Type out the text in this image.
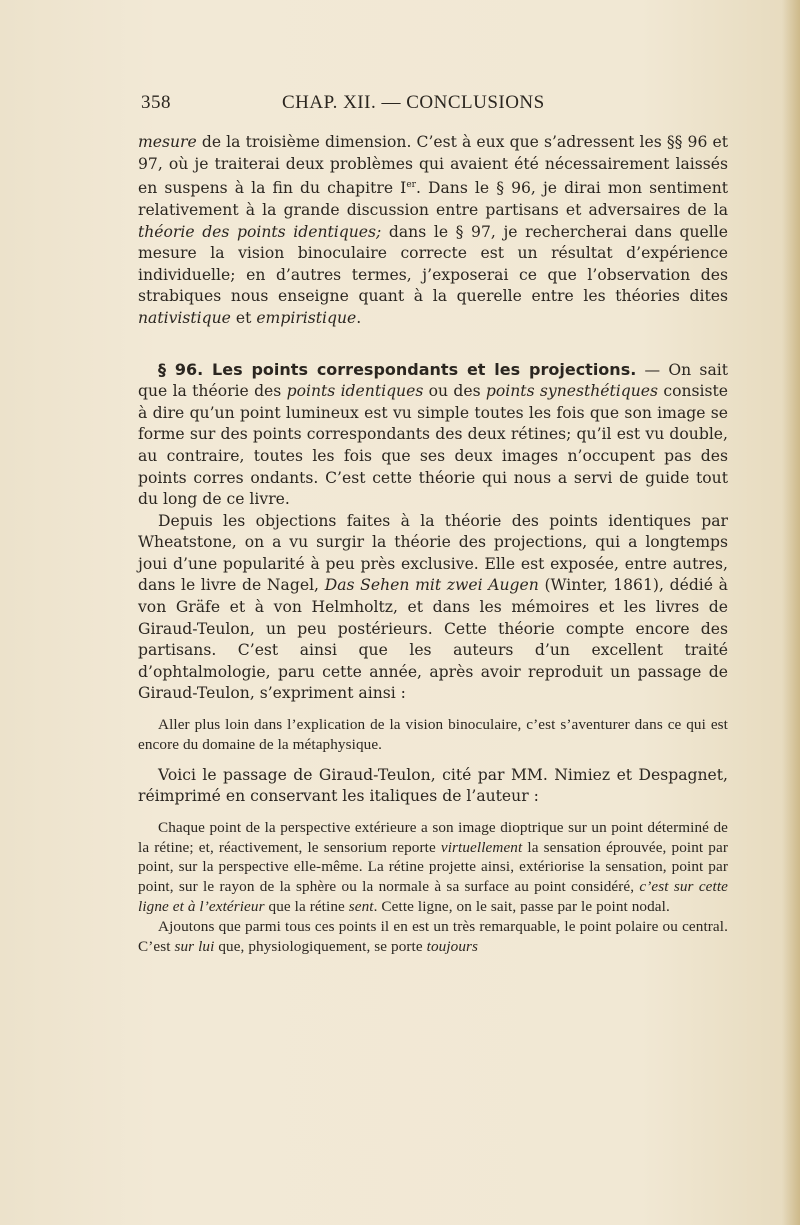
358	CHAP. XII. — CONCLUSIONS

mesure de la troisième dimension. C’est à eux que s’adressent les §§ 96 et 97, où je traiterai deux problèmes qui avaient été nécessairement laissés en suspens à la fin du chapitre Ier. Dans le § 96, je dirai mon sentiment relativement à la grande discussion entre partisans et adversaires de la théorie des points identiques; dans le § 97, je rechercherai dans quelle mesure la vision binoculaire correcte est un résultat d’expérience individuelle; en d’autres termes, j’exposerai ce que l’observation des strabiques nous enseigne quant à la querelle entre les théories dites nativistique et empiristique.

§ 96. Les points correspondants et les projections. — On sait que la théorie des points identiques ou des points synesthétiques consiste à dire qu’un point lumineux est vu simple toutes les fois que son image se forme sur des points correspondants des deux rétines; qu’il est vu double, au contraire, toutes les fois que ses deux images n’occupent pas des points corres ondants. C’est cette théorie qui nous a servi de guide tout du long de ce livre.

Depuis les objections faites à la théorie des points identiques par Wheatstone, on a vu surgir la théorie des projections, qui a longtemps joui d’une popularité à peu près exclusive. Elle est exposée, entre autres, dans le livre de Nagel, Das Sehen mit zwei Augen (Winter, 1861), dédié à von Gräfe et à von Helmholtz, et dans les mémoires et les livres de Giraud-Teulon, un peu postérieurs. Cette théorie compte encore des partisans. C’est ainsi que les auteurs d’un excellent traité d’ophtalmologie, paru cette année, après avoir reproduit un passage de Giraud-Teulon, s’expriment ainsi :

Aller plus loin dans l’explication de la vision binoculaire, c’est s’aventurer dans ce qui est encore du domaine de la métaphysique.

Voici le passage de Giraud-Teulon, cité par MM. Nimiez et Despagnet, réimprimé en conservant les italiques de l’auteur :

Chaque point de la perspective extérieure a son image dioptrique sur un point déterminé de la rétine; et, réactivement, le sensorium reporte virtuellement la sensation éprouvée, point par point, sur la perspective elle-même. La rétine projette ainsi, extériorise la sensation, point par point, sur le rayon de la sphère ou la normale à sa surface au point considéré, c’est sur cette ligne et à l’extérieur que la rétine sent. Cette ligne, on le sait, passe par le point nodal.

Ajoutons que parmi tous ces points il en est un très remarquable, le point polaire ou central. C’est sur lui que, physiologiquement, se porte toujours
